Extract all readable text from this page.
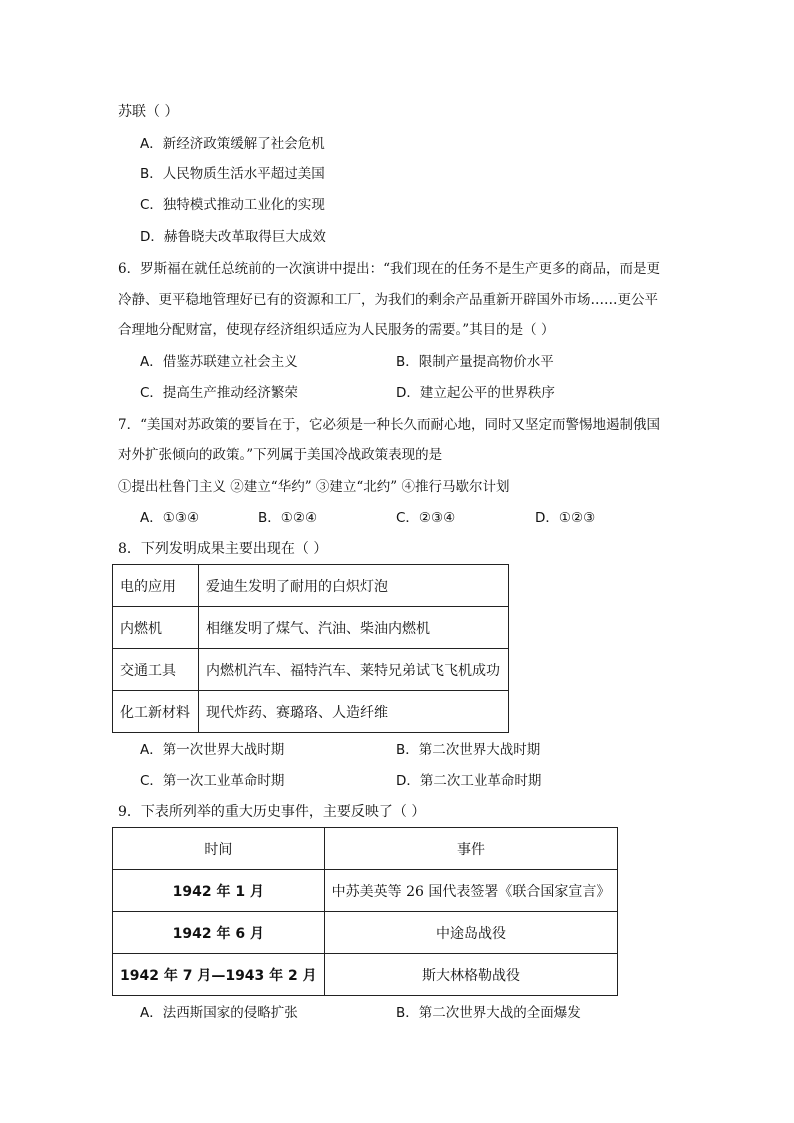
苏联（ ）
A．新经济政策缓解了社会危机
B．人民物质生活水平超过美国
C．独特模式推动工业化的实现
D．赫鲁晓夫改革取得巨大成效
6．罗斯福在就任总统前的一次演讲中提出：“我们现在的任务不是生产更多的商品，而是更
冷静、更平稳地管理好已有的资源和工厂，为我们的剩余产品重新开辟国外市场……更公平
合理地分配财富，使现存经济组织适应为人民服务的需要。”其目的是（ ）
A．借鉴苏联建立社会主义	B．限制产量提高物价水平
C．提高生产推动经济繁荣	D．建立起公平的世界秩序
7．“美国对苏政策的要旨在于，它必须是一种长久而耐心地，同时又坚定而警惕地遏制俄国
对外扩张倾向的政策。”下列属于美国冷战政策表现的是
①提出杜鲁门主义 ②建立“华约” ③建立“北约” ④推行马歇尔计划
A．①③④	B．①②④	C．②③④	D．①②③
8．下列发明成果主要出现在（ ）
电的应用	爱迪生发明了耐用的白炽灯泡
内燃机	相继发明了煤气、汽油、柴油内燃机
交通工具	内燃机汽车、福特汽车、莱特兄弟试飞飞机成功
化工新材料	现代炸药、赛璐珞、人造纤维
A．第一次世界大战时期	B．第二次世界大战时期
C．第一次工业革命时期	D．第二次工业革命时期
9．下表所列举的重大历史事件，主要反映了（ ）
时间	事件
1942 年 1 月	中苏美英等 26 国代表签署《联合国家宣言》
1942 年 6 月	中途岛战役
1942 年 7 月—1943 年 2 月	斯大林格勒战役
A．法西斯国家的侵略扩张	B．第二次世界大战的全面爆发
